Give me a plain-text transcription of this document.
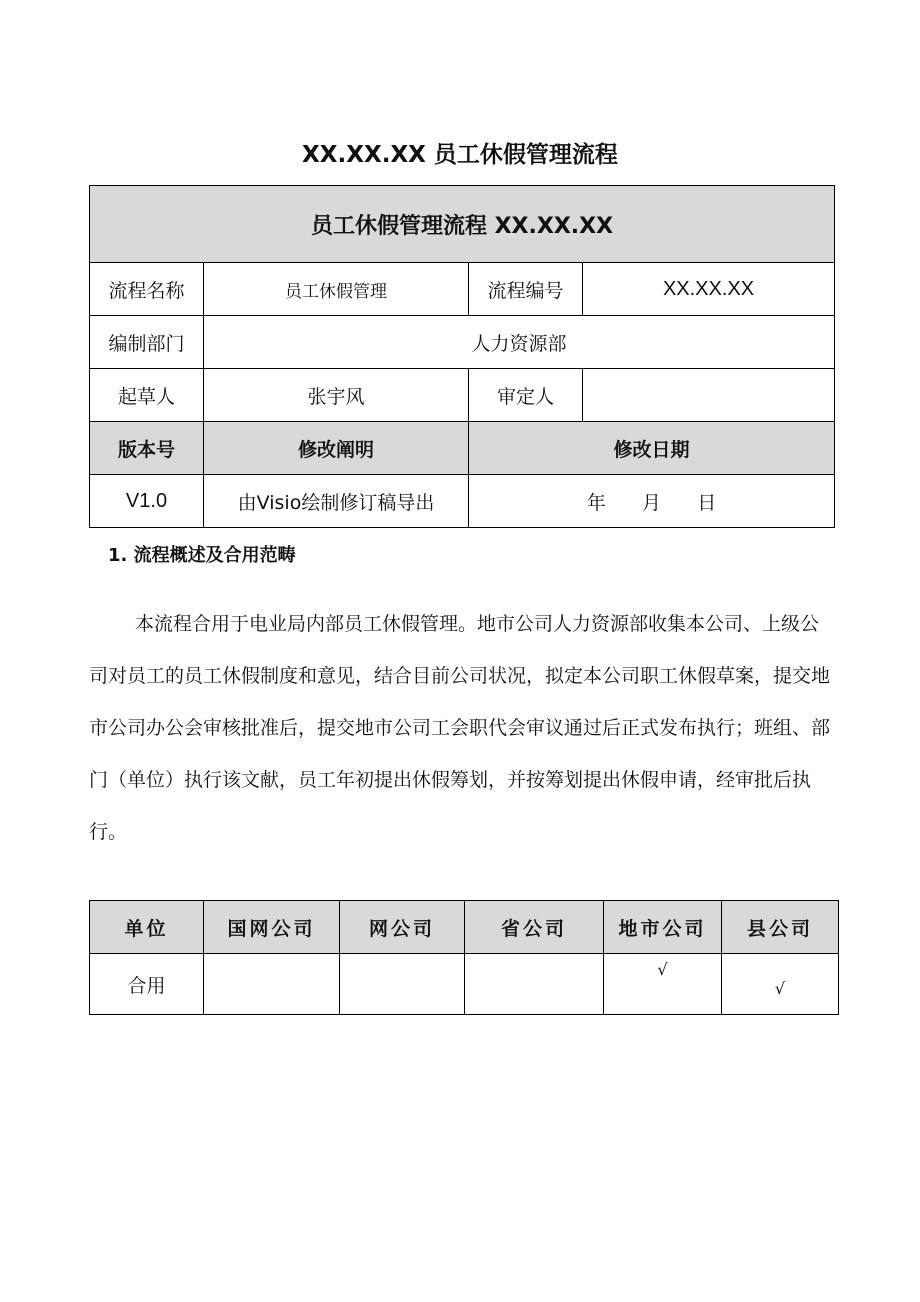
XX.XX.XX 员工休假管理流程
员工休假管理流程 XX.XX.XX			
流程名称	员工休假管理	流程编号	XX.XX.XX
编制部门	人力资源部		
起草人	张宇风	审定人	
版本号	修改阐明	修改日期	
V1.0	由Visio绘制修订稿导出	年      月      日	
1. 流程概述及合用范畴

本流程合用于电业局内部员工休假管理。地市公司人力资源部收集本公司、上级公司对员工的员工休假制度和意见，结合目前公司状况，拟定本公司职工休假草案，提交地市公司办公会审核批准后，提交地市公司工会职代会审议通过后正式发布执行；班组、部门（单位）执行该文献，员工年初提出休假筹划，并按筹划提出休假申请，经审批后执行。

单位	国网公司	网公司	省公司	地市公司	县公司
合用				√	√
